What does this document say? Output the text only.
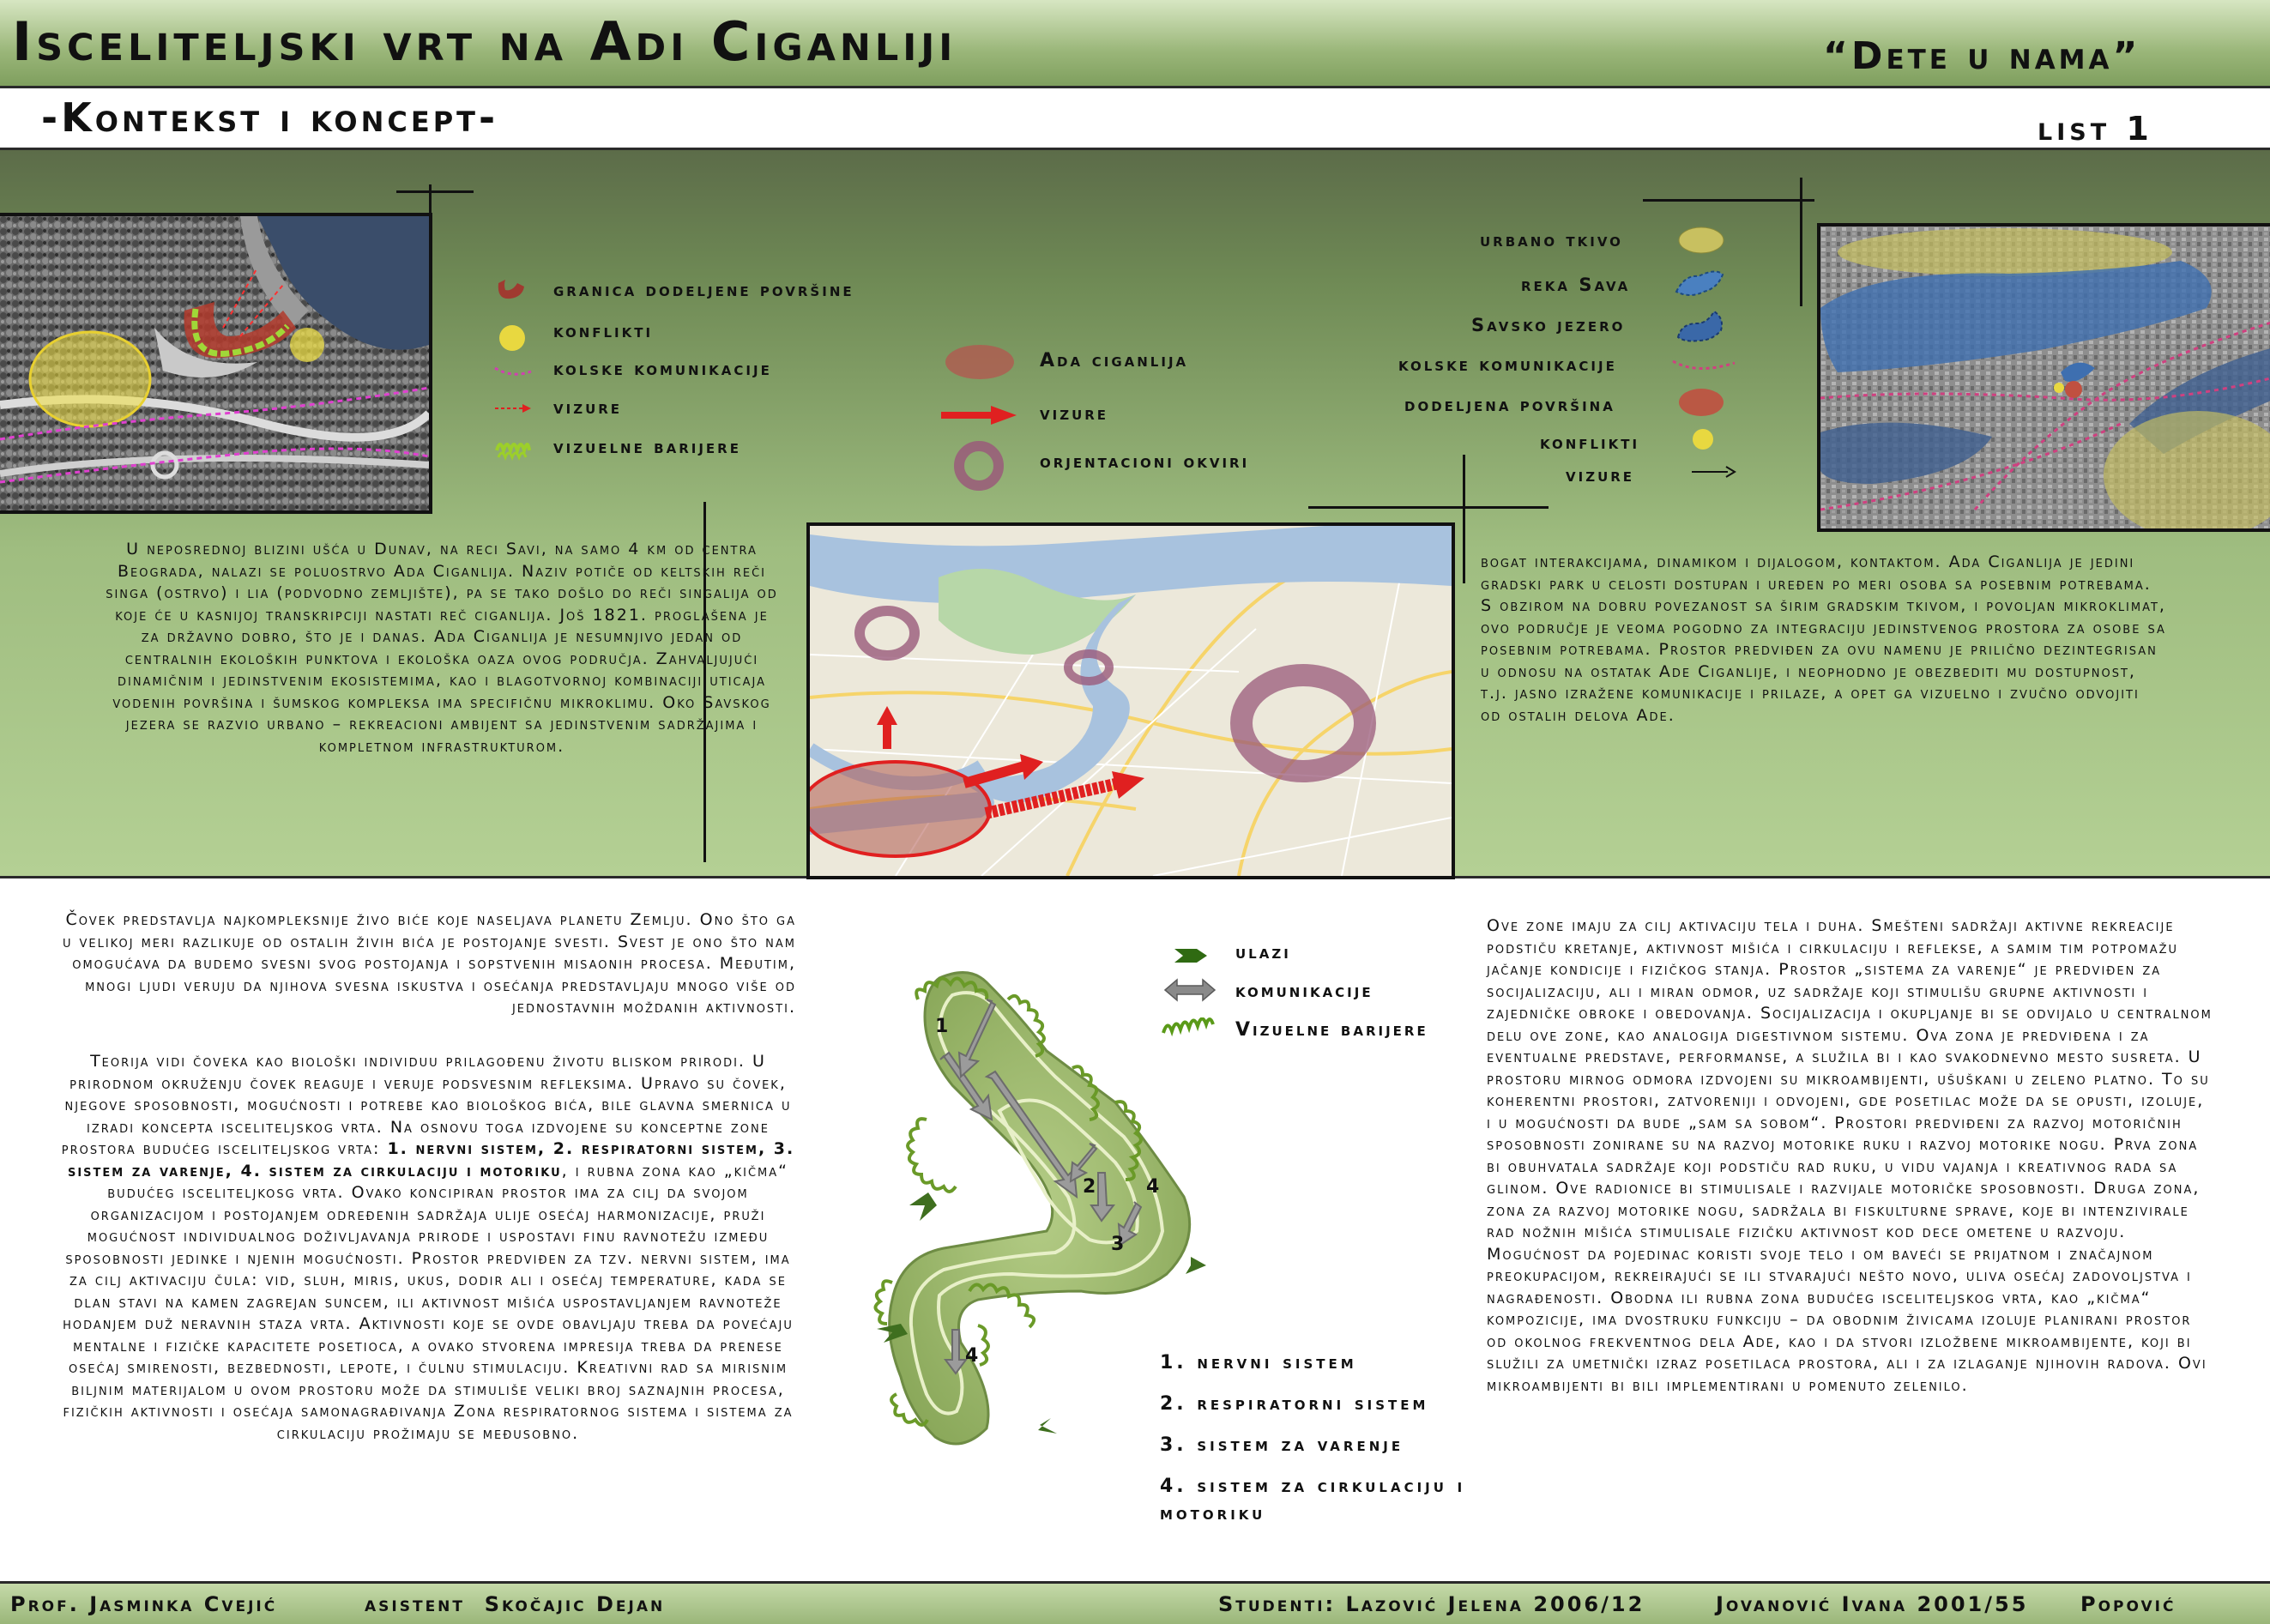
Isceliteljski vrt na Adi Ciganliji	“Dete u nama”
-Kontekst i koncept-	list 1
granica dodeljene površine
konflikti
kolske komunikacije
vizure
vizuelne barijere
Ada ciganlija
vizure
orjentacioni okviri
urbano tkivo
reka Sava
Savsko jezero
kolske komunikacije
dodeljena površina
konflikti
vizure
U neposrednoj blizini ušća u Dunav, na reci Savi, na samo 4 km od centra Beograda, nalazi se poluostrvo Ada Ciganlija. Naziv potiče od keltskih reči singa (ostrvo) i lia (podvodno zemljište), pa se tako došlo do reči singalija od koje će u kasnijoj transkripciji nastati reč ciganlija. Još 1821. proglašena je za državno dobro, što je i danas. Ada Ciganlija je nesumnjivo jedan od centralnih ekoloških punktova i ekološka oaza ovog područja. Zahvaljujući dinamičnim i jedinstvenim ekosistemima, kao i blagotvornoj kombinaciji uticaja vodenih površina i šumskog kompleksa ima specifičnu mikroklimu. Oko Savskog jezera se razvio urbano – rekreacioni ambijent sa jedinstvenim sadržajima i kompletnom infrastrukturom.
bogat interakcijama, dinamikom i dijalogom, kontaktom. Ada Ciganlija je jedini gradski park u celosti dostupan i uređen po meri osoba sa posebnim potrebama. S obzirom na dobru povezanost sa širim gradskim tkivom, i povoljan mikroklimat, ovo područje je veoma pogodno za integraciju jedinstvenog prostora za osobe sa posebnim potrebama. Prostor predviđen za ovu namenu je prilično dezintegrisan u odnosu na ostatak Ade Ciganlije, i neophodno je obezbediti mu dostupnost, t.j. jasno izražene komunikacije i prilaze, a opet ga vizuelno i zvučno odvojiti od ostalih delova Ade.
Čovek predstavlja najkompleksnije živo biće koje naseljava planetu Zemlju. Ono što ga u velikoj meri razlikuje od ostalih živih bića je postojanje svesti. Svest je ono što nam omogućava da budemo svesni svog postojanja i sopstvenih misaonih procesa. Međutim, mnogi ljudi veruju da njihova svesna iskustva i osećanja predstavljaju mnogo više od jednostavnih moždanih aktivnosti.
Teorija vidi čoveka kao biološki individuu prilagođenu životu bliskom prirodi. U prirodnom okruženju čovek reaguje i veruje podsvesnim refleksima. Upravo su čovek, njegove sposobnosti, mogućnosti i potrebe kao biološkog bića, bile glavna smernica u izradi koncepta isceliteljskog vrta. Na osnovu toga izdvojene su konceptne zone prostora budućeg isceliteljskog vrta: 1. nervni sistem, 2. respiratorni sistem, 3. sistem za varenje, 4. sistem za cirkulaciju i motoriku, i rubna zona kao „kičma“ budućeg isceliteljkosg vrta. Ovako koncipiran prostor ima za cilj da svojom organizacijom i postojanjem određenih sadržaja ulije osećaj harmonizacije, pruži mogućnost individualnog doživljavanja prirode i uspostavi finu ravnotežu između sposobnosti jedinke i njenih mogućnosti. Prostor predviđen za tzv. nervni sistem, ima za cilj aktivaciju čula: vid, sluh, miris, ukus, dodir ali i osećaj temperature, kada se dlan stavi na kamen zagrejan suncem, ili aktivnost mišića uspostavljanjem ravnoteže hodanjem duž neravnih staza vrta. Aktivnosti koje se ovde obavljaju treba da povećaju mentalne i fizičke kapacitete posetioca, a ovako stvorena impresija treba da prenese osećaj smirenosti, bezbednosti, lepote, i čulnu stimulaciju. Kreativni rad sa mirisnim biljnim materijalom u ovom prostoru može da stimuliše veliki broj saznajnih procesa, fizičkih aktivnosti i osećaja samonagrađivanja Zona respiratornog sistema i sistema za cirkulaciju prožimaju se međusobno.
Ove zone imaju za cilj aktivaciju tela i duha. Smešteni sadržaji aktivne rekreacije podstiču kretanje, aktivnost mišića i cirkulaciju i reflekse, a samim tim potpomažu jačanje kondicije i fizičkog stanja. Prostor „sistema za varenje“ je predviđen za socijalizaciju, ali i miran odmor, uz sadržaje koji stimulišu grupne aktivnosti i zajedničke obroke i obedovanja. Socijalizacija i okupljanje bi se odvijalo u centralnom delu ove zone, kao analogija digestivnom sistemu. Ova zona je predviđena i za eventualne predstave, performanse, a služila bi i kao svakodnevno mesto susreta. U prostoru mirnog odmora izdvojeni su mikroambijenti, ušuškani u zeleno platno. To su koherentni prostori, zatvoreniji i odvojeni, gde posetilac može da se opusti, izoluje, i u mogućnosti da bude „sam sa sobom“. Prostori predviđeni za razvoj motoričnih sposobnosti zonirane su na razvoj motorike ruku i razvoj motorike nogu. Prva zona bi obuhvatala sadržaje koji podstiču rad ruku, u vidu vajanja i kreativnog rada sa glinom. Ove radionice bi stimulisale i razvijale motoričke sposobnosti. Druga zona, zona za razvoj motorike nogu, sadržala bi fiskulturne sprave, koje bi intenzivirale rad nožnih mišića stimulisale fizičku aktivnost kod dece ometene u razvoju. Mogućnost da pojedinac koristi svoje telo i om baveći se prijatnom i značajnom preokupacijom, rekreirajući se ili stvarajući nešto novo, uliva osećaj zadovoljstva i nagrađenosti. Obodna ili rubna zona budućeg isceliteljskog vrta, kao „kičma“ kompozicije, ima dvostruku funkciju – da obodnim živicama izoluje planirani prostor od okolnog frekventnog dela Ade, kao i da stvori izložbene mikroambijente, koji bi služili za umetnički izraz posetilaca prostora, ali i za izlaganje njihovih radova. Ovi mikroambijenti bi bili implementirani u pomenuto zelenilo.
1
2
3
4
4
ulazi
komunikacije
Vizuelne barijere
1. nervni sistem
2. respiratorni sistem
3. sistem za varenje
4. sistem za cirkulaciju i
motoriku
Prof. Jasminka Cvejić	asistent  Skočajic Dejan	Studenti: Lazović Jelena 2006/12	Jovanović Ivana 2001/55	Popović
